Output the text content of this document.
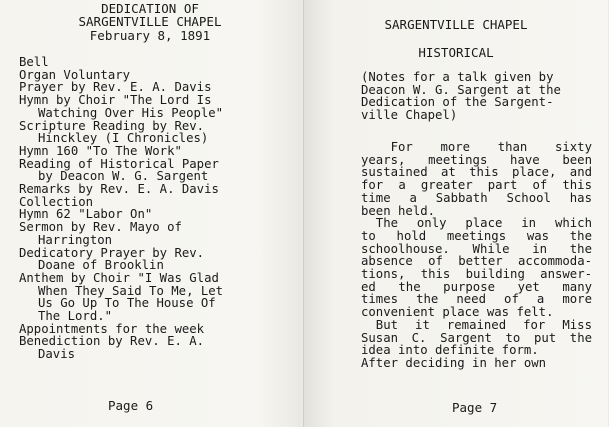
DEDICATION OF
SARGENTVILLE CHAPEL
February 8, 1891
Bell
Organ Voluntary
Prayer by Rev. E. A. Davis
Hymn by Choir "The Lord Is
Watching Over His People"
Scripture Reading by Rev.
Hinckley (I Chronicles)
Hymn 160 "To The Work"
Reading of Historical Paper
by Deacon W. G. Sargent
Remarks by Rev. E. A. Davis
Collection
Hymn 62 "Labor On"
Sermon by Rev. Mayo of
Harrington
Dedicatory Prayer by Rev.
Doane of Brooklin
Anthem by Choir "I Was Glad
When They Said To Me, Let
Us Go Up To The House Of
The Lord."
Appointments for the week
Benediction by Rev. E. A.
Davis
Page 6
SARGENTVILLE CHAPEL
HISTORICAL
(Notes for a talk given by
Deacon W. G. Sargent at the
Dedication of the Sargent-
ville Chapel)
For more than sixty
years, meetings have been
sustained at this place, and
for a greater part of this
time a Sabbath School has
been held.
The only place in which
to hold meetings was the
schoolhouse. While in the
absence of better accommoda-
tions, this building answer-
ed the purpose yet many
times the need of a more
convenient place was felt.
But it remained for Miss
Susan C. Sargent to put the
idea into definite form.
After deciding in her own
Page 7
